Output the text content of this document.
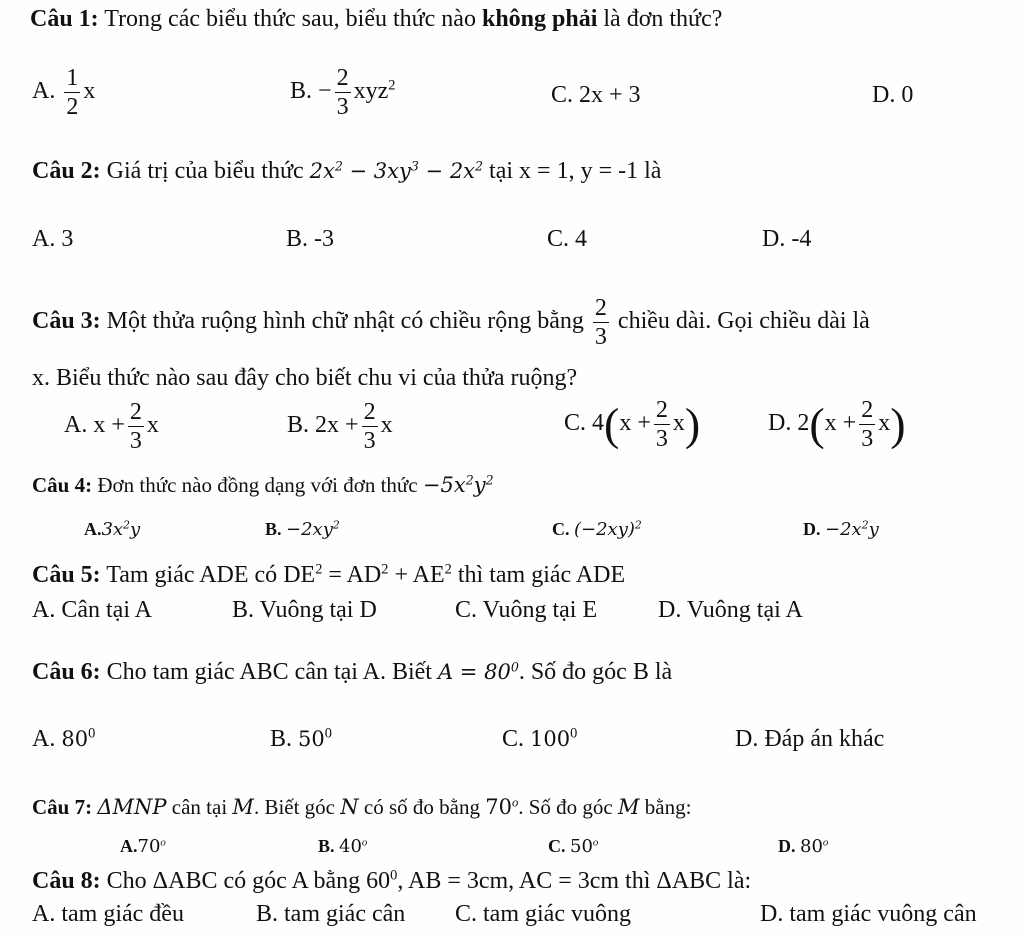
Câu 1: Trong các biểu thức sau, biểu thức nào không phải là đơn thức?
A. $\frac{1}{2}$ x	B. − $\frac{2}{3} xyz^2$	C. 2x + 3	D. 0
Câu 2: Giá trị của biểu thức $2x^2 - 3xy^3 - 2x^2$ tại x = 1, y = -1 là
A. 3	B. -3	C. 4	D. -4
Câu 3: Một thửa ruộng hình chữ nhật có chiều rộng bằng $\frac{2}{3}$ chiều dài. Gọi chiều dài là
x. Biểu thức nào sau đây cho biết chu vi của thửa ruộng?
A. $x + \frac{2}{3}$ x	B. $2x + \frac{2}{3}$ x	C. $4(x + \frac{2}{3} x)$	D. $2(x + \frac{2}{3} x)$
Câu 4: Đơn thức nào đồng dạng với đơn thức $-5x^2y^2$
$A.3x^2y$	B. $-2xy^2$	C. $(-2xy)^2$	D. $-2x^2y$
Câu 5: Tam giác ADE có $DE^2 = AD^2 + AE^2$ thì tam giác ADE
A. Cân tại A	B. Vuông tại D	C. Vuông tại E	D. Vuông tại A
Câu 6: Cho tam giác ABC cân tại A. Biết $A = 80^0$. Số đo góc B là
A. $80^0$	B. $50^0$	C. $100^0$	D. Đáp án khác
Câu 7: ΔMNP cân tại M. Biết góc N có số đo bằng 70$^o$. Số đo góc M bằng:
A.70$^o$	B. 40$^o$	C. 50$^o$	D. 80$^o$
Câu 8: Cho ΔABC có góc A bằng $60^0$, AB = 3cm, AC = 3cm thì ΔABC là:
A. tam giác đều	B. tam giác cân C. tam giác vuông	D. tam giác vuông cân
